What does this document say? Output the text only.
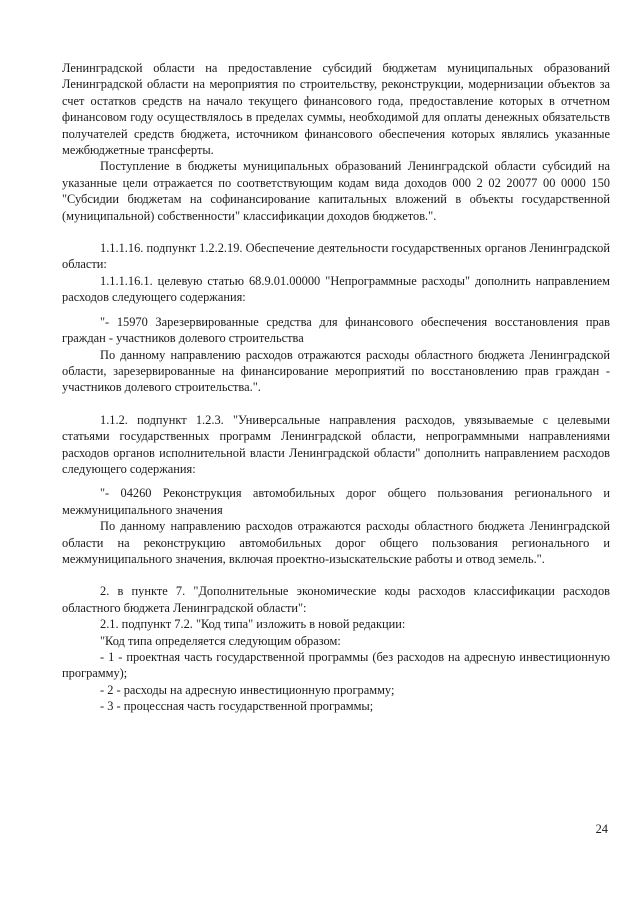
Ленинградской области на предоставление субсидий бюджетам муниципальных образований Ленинградской области на мероприятия по строительству, реконструкции, модернизации объектов за счет остатков средств на начало текущего финансового года, предоставление которых в отчетном финансовом году осуществлялось в пределах суммы, необходимой для оплаты денежных обязательств получателей средств бюджета, источником финансового обеспечения которых являлись указанные межбюджетные трансферты.

Поступление в бюджеты муниципальных образований Ленинградской области субсидий на указанные цели отражается по соответствующим кодам вида доходов 000 2 02 20077 00 0000 150 "Субсидии бюджетам на софинансирование капитальных вложений в объекты государственной (муниципальной) собственности" классификации доходов бюджетов.".

1.1.1.16. подпункт 1.2.2.19. Обеспечение деятельности государственных органов Ленинградской области:

1.1.1.16.1. целевую статью 68.9.01.00000 "Непрограммные расходы" дополнить направлением расходов следующего содержания:

"- 15970 Зарезервированные средства для финансового обеспечения восстановления прав граждан - участников долевого строительства

По данному направлению расходов отражаются расходы областного бюджета Ленинградской области, зарезервированные на финансирование мероприятий по восстановлению прав граждан - участников долевого строительства.".

1.1.2. подпункт 1.2.3. "Универсальные направления расходов, увязываемые с целевыми статьями государственных программ Ленинградской области, непрограммными направлениями расходов органов исполнительной власти Ленинградской области" дополнить направлением расходов следующего содержания:

"- 04260 Реконструкция автомобильных дорог общего пользования регионального и межмуниципального значения

По данному направлению расходов отражаются расходы областного бюджета Ленинградской области на реконструкцию автомобильных дорог общего пользования регионального и межмуниципального значения, включая проектно-изыскательские работы и отвод земель.".

2. в пункте 7. "Дополнительные экономические коды расходов классификации расходов областного бюджета Ленинградской области":

2.1. подпункт 7.2. "Код типа" изложить в новой редакции:

"Код типа определяется следующим образом:

- 1 - проектная часть государственной программы (без расходов на адресную инвестиционную программу);

- 2 - расходы на адресную инвестиционную программу;

- 3 - процессная часть государственной программы;

24
